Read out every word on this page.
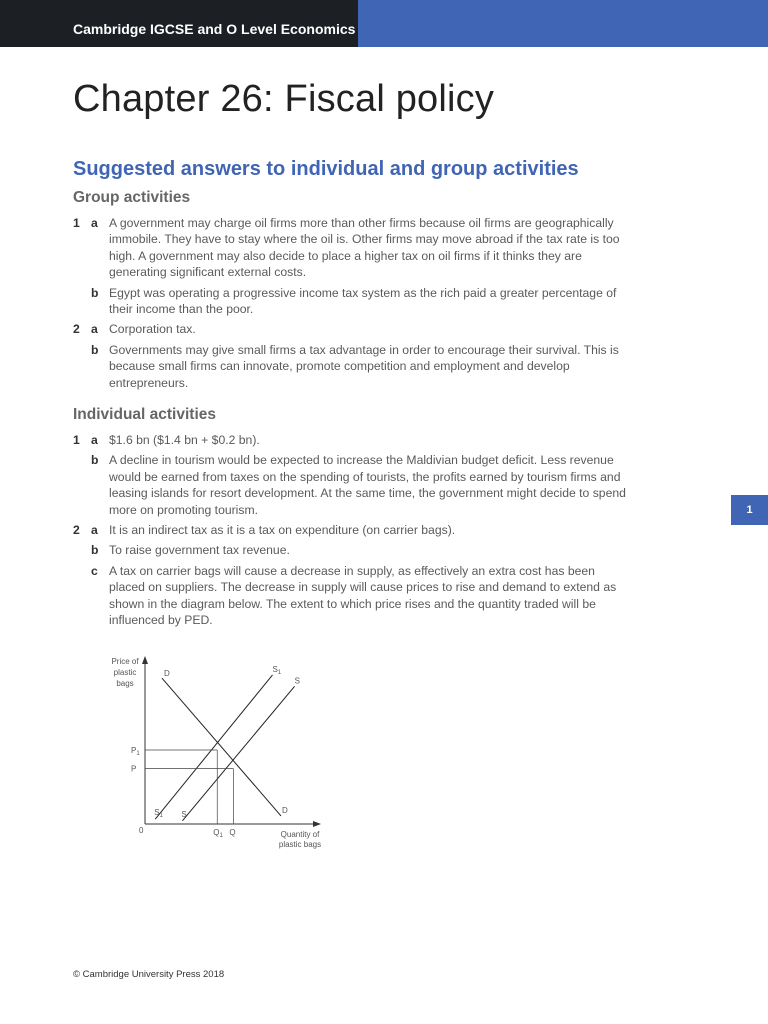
Cambridge IGCSE and O Level Economics
Chapter 26: Fiscal policy
Suggested answers to individual and group activities
Group activities
1 a A government may charge oil firms more than other firms because oil firms are geographically immobile. They have to stay where the oil is. Other firms may move abroad if the tax rate is too high. A government may also decide to place a higher tax on oil firms if it thinks they are generating significant external costs.
b Egypt was operating a progressive income tax system as the rich paid a greater percentage of their income than the poor.
2 a Corporation tax.
b Governments may give small firms a tax advantage in order to encourage their survival. This is because small firms can innovate, promote competition and employment and develop entrepreneurs.
Individual activities
1 a $1.6 bn ($1.4 bn + $0.2 bn).
b A decline in tourism would be expected to increase the Maldivian budget deficit. Less revenue would be earned from taxes on the spending of tourists, the profits earned by tourism firms and leasing islands for resort development. At the same time, the government might decide to spend more on promoting tourism.
2 a It is an indirect tax as it is a tax on expenditure (on carrier bags).
b To raise government tax revenue.
c A tax on carrier bags will cause a decrease in supply, as effectively an extra cost has been placed on suppliers. The decrease in supply will cause prices to rise and demand to extend as shown in the diagram below. The extent to which price rises and the quantity traded will be influenced by PED.
Price of
plastic
bags
Quantity of
plastic bags
0
D
D
$S_1$
$S_1$
S
S
$P_1$
$Q_1$
P
Q
1
© Cambridge University Press 2018
